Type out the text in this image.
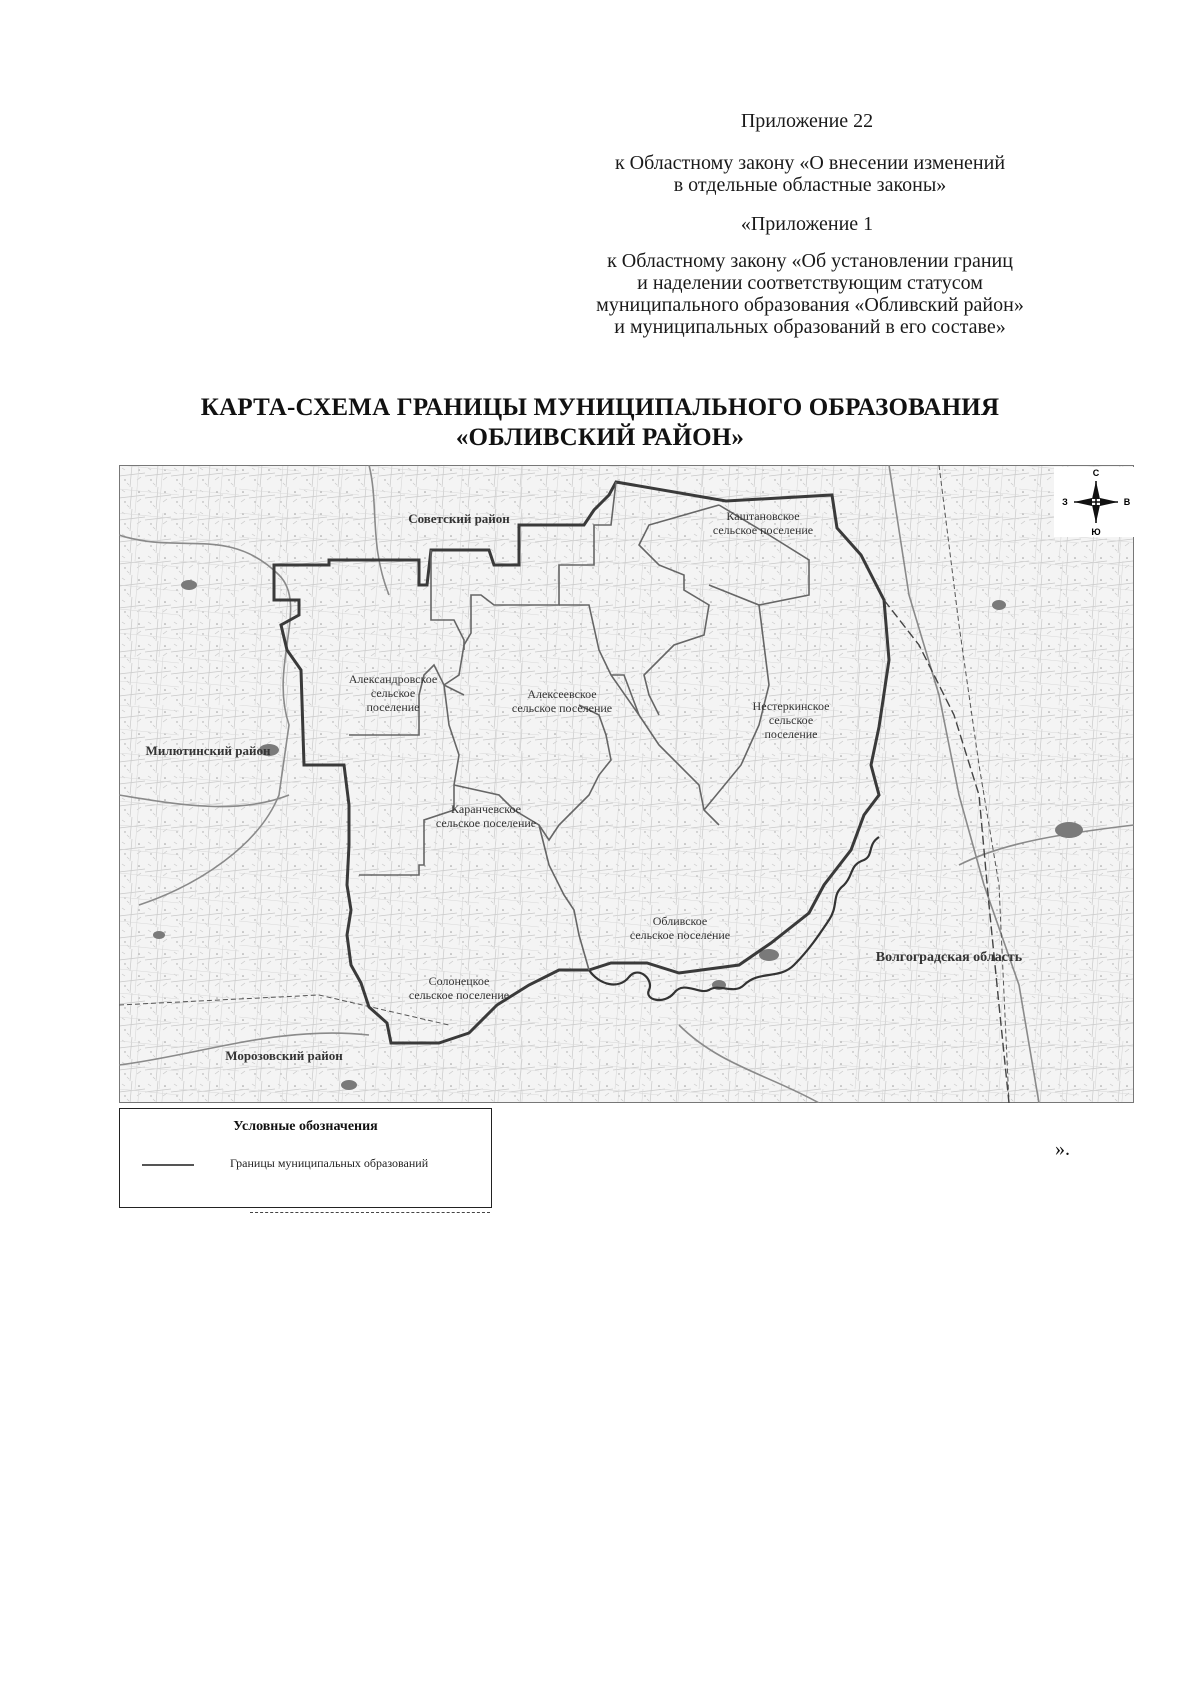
Приложение 22
к Областному закону «О внесении изменений
в отдельные областные законы»
«Приложение 1
к Областному закону «Об установлении границ
и наделении соответствующим статусом
муниципального образования «Обливский район»
и муниципальных образований в его составе»
КАРТА-СХЕМА ГРАНИЦЫ МУНИЦИПАЛЬНОГО ОБРАЗОВАНИЯ
«ОБЛИВСКИЙ РАЙОН»
Советский район
Милютинский район
Морозовский район
Волгоградская область
Каштановское
сельское поселение
Александровское
сельское
поселение
Алексеевское
сельское поселение	Нестеркинское
сельское
поселение
Каранчевское
сельское поселение
Обливское
сельское поселение
Солонецкое
сельское поселение
С
Ю
З	В
Условные обозначения
Границы муниципальных образований
».
